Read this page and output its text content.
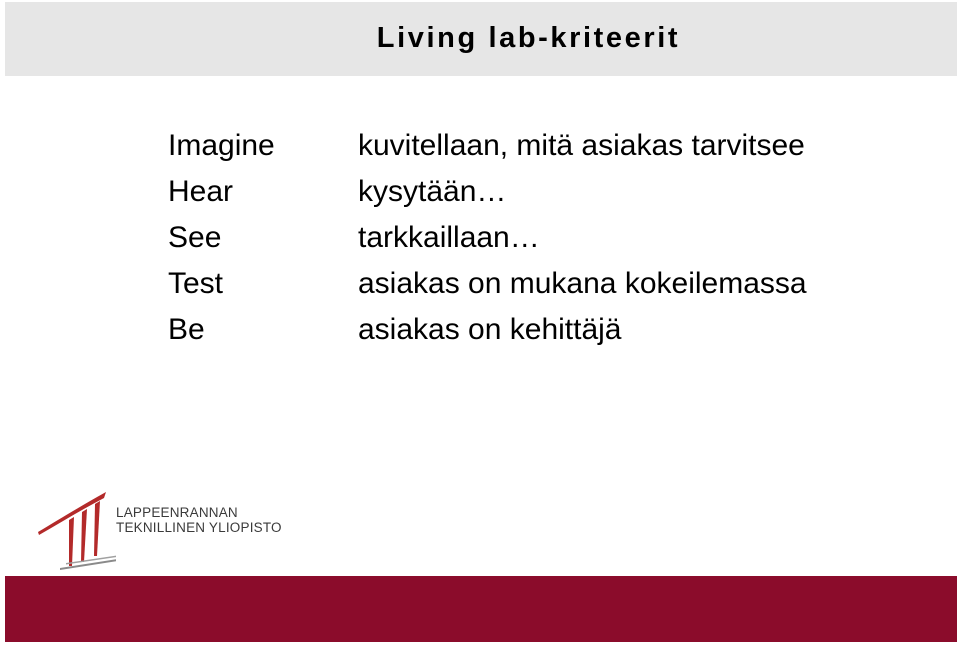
Living lab-kriteerit
Imagine	kuvitellaan, mitä asiakas tarvitsee
Hear	kysytään…
See	tarkkaillaan…
Test	asiakas on mukana kokeilemassa
Be	asiakas on kehittäjä
LAPPEENRANNAN
TEKNILLINEN YLIOPISTO
